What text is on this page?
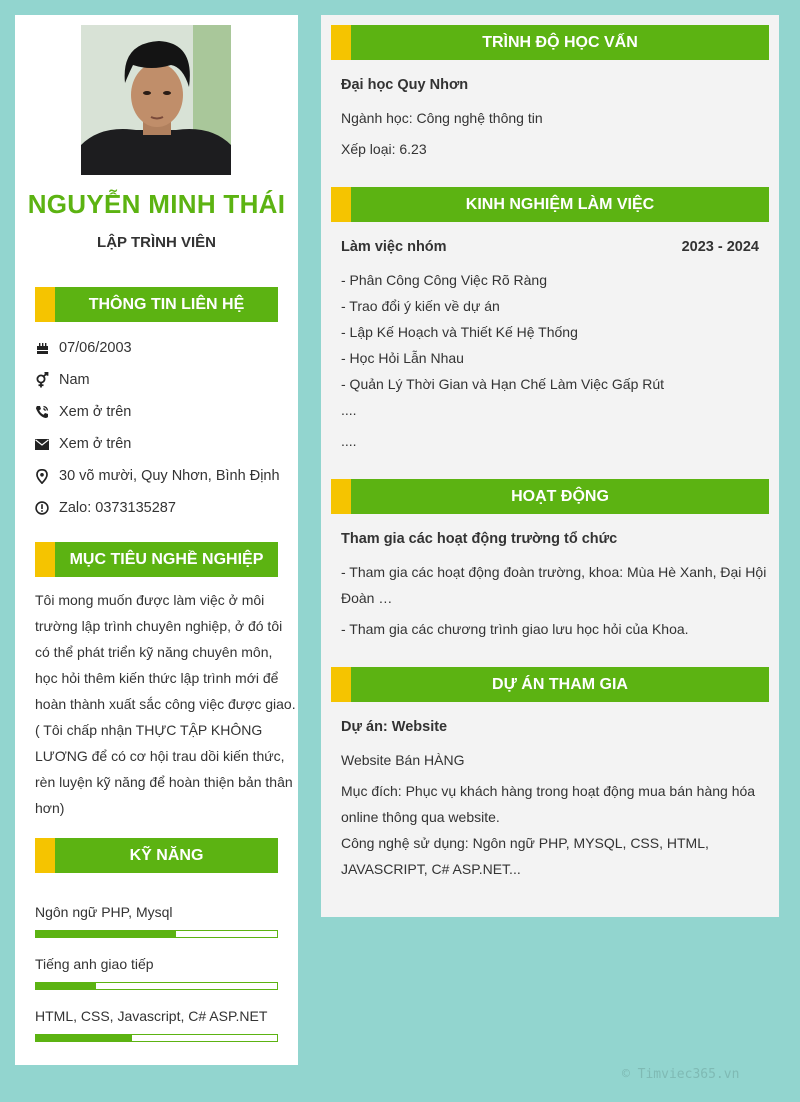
NGUYỄN MINH THÁI
LẬP TRÌNH VIÊN
THÔNG TIN LIÊN HỆ
07/06/2003
Nam
Xem ở trên
Xem ở trên
30 võ mười, Quy Nhơn, Bình Định
Zalo: 0373135287
MỤC TIÊU NGHỀ NGHIỆP
Tôi mong muốn được làm việc ở môi
trường lập trình chuyên nghiệp, ở đó tôi
có thể phát triển kỹ năng chuyên môn,
học hỏi thêm kiến thức lập trình mới để
hoàn thành xuất sắc công việc được giao.
( Tôi chấp nhận THỰC TẬP KHÔNG
LƯƠNG để có cơ hội trau dồi kiến thức,
rèn luyện kỹ năng để hoàn thiện bản thân
hơn)
KỸ NĂNG
Ngôn ngữ PHP, Mysql
Tiếng anh giao tiếp
HTML, CSS, Javascript, C# ASP.NET
TRÌNH ĐỘ HỌC VẤN
Đại học Quy Nhơn
Ngành học: Công nghệ thông tin
Xếp loại: 6.23
KINH NGHIỆM LÀM VIỆC
Làm việc nhóm	2023 - 2024
- Phân Công Công Việc Rõ Ràng
- Trao đổi ý kiến về dự án
- Lập Kế Hoạch và Thiết Kế Hệ Thống
- Học Hỏi Lẫn Nhau
- Quản Lý Thời Gian và Hạn Chế Làm Việc Gấp Rút
....
....
HOẠT ĐỘNG
Tham gia các hoạt động trường tổ chức
- Tham gia các hoạt động đoàn trường, khoa: Mùa Hè Xanh, Đại Hội
Đoàn …
- Tham gia các chương trình giao lưu học hỏi của Khoa.
DỰ ÁN THAM GIA
Dự án: Website
Website Bán HÀNG
Mục đích: Phục vụ khách hàng trong hoạt động mua bán hàng hóa
online thông qua website.
Công nghệ sử dụng: Ngôn ngữ PHP, MYSQL, CSS, HTML,
JAVASCRIPT, C# ASP.NET...
© Timviec365.vn
